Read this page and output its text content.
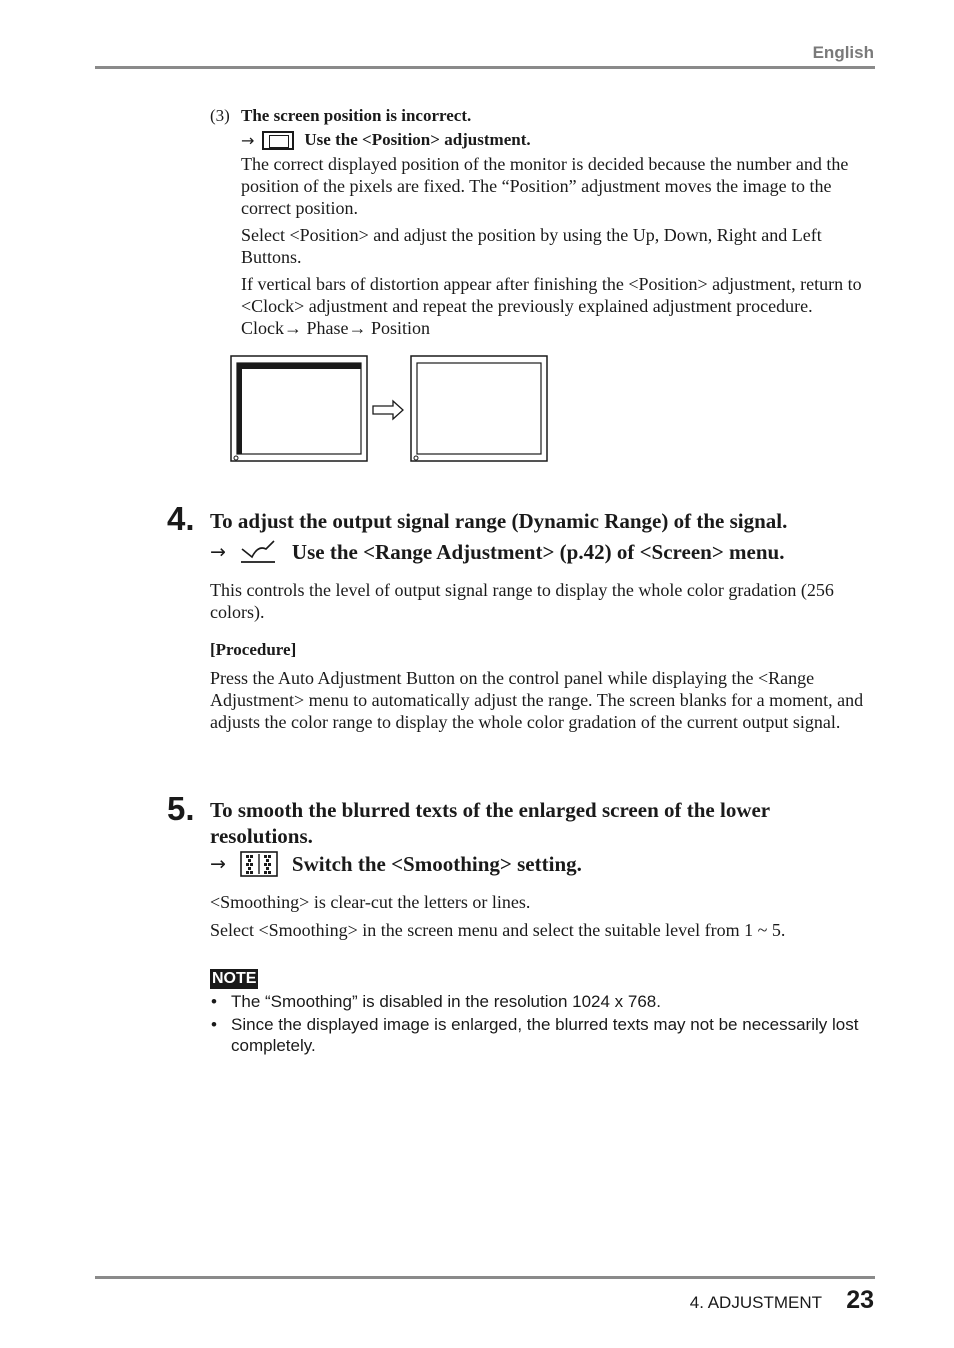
English
(3) The screen position is incorrect.
→	Use the <Position> adjustment.

The correct displayed position of the monitor is decided because the number and the position of the pixels are fixed. The “Position” adjustment moves the image to the correct position.

Select <Position> and adjust the position by using the Up, Down, Right and Left Buttons.

If vertical bars of distortion appear after finishing the <Position> adjustment, return to <Clock> adjustment and repeat the previously explained adjustment procedure. Clock→ Phase→ Position

4. To adjust the output signal range (Dynamic Range) of the signal.
→	Use the <Range Adjustment> (p.42) of <Screen> menu.

This controls the level of output signal range to display the whole color gradation (256 colors).

[Procedure]

Press the Auto Adjustment Button on the control panel while displaying the <Range Adjustment> menu to automatically adjust the range. The screen blanks for a moment, and adjusts the color range to display the whole color gradation of the current output signal.

5. To smooth the blurred texts of the enlarged screen of the lower resolutions.
→	Switch the <Smoothing> setting.

<Smoothing> is clear-cut the letters or lines.

Select <Smoothing> in the screen menu and select the suitable level from 1 ~ 5.

NOTE
• The “Smoothing” is disabled in the resolution 1024 x 768.
• Since the displayed image is enlarged, the blurred texts may not be necessarily lost completely.
4. ADJUSTMENT 23
